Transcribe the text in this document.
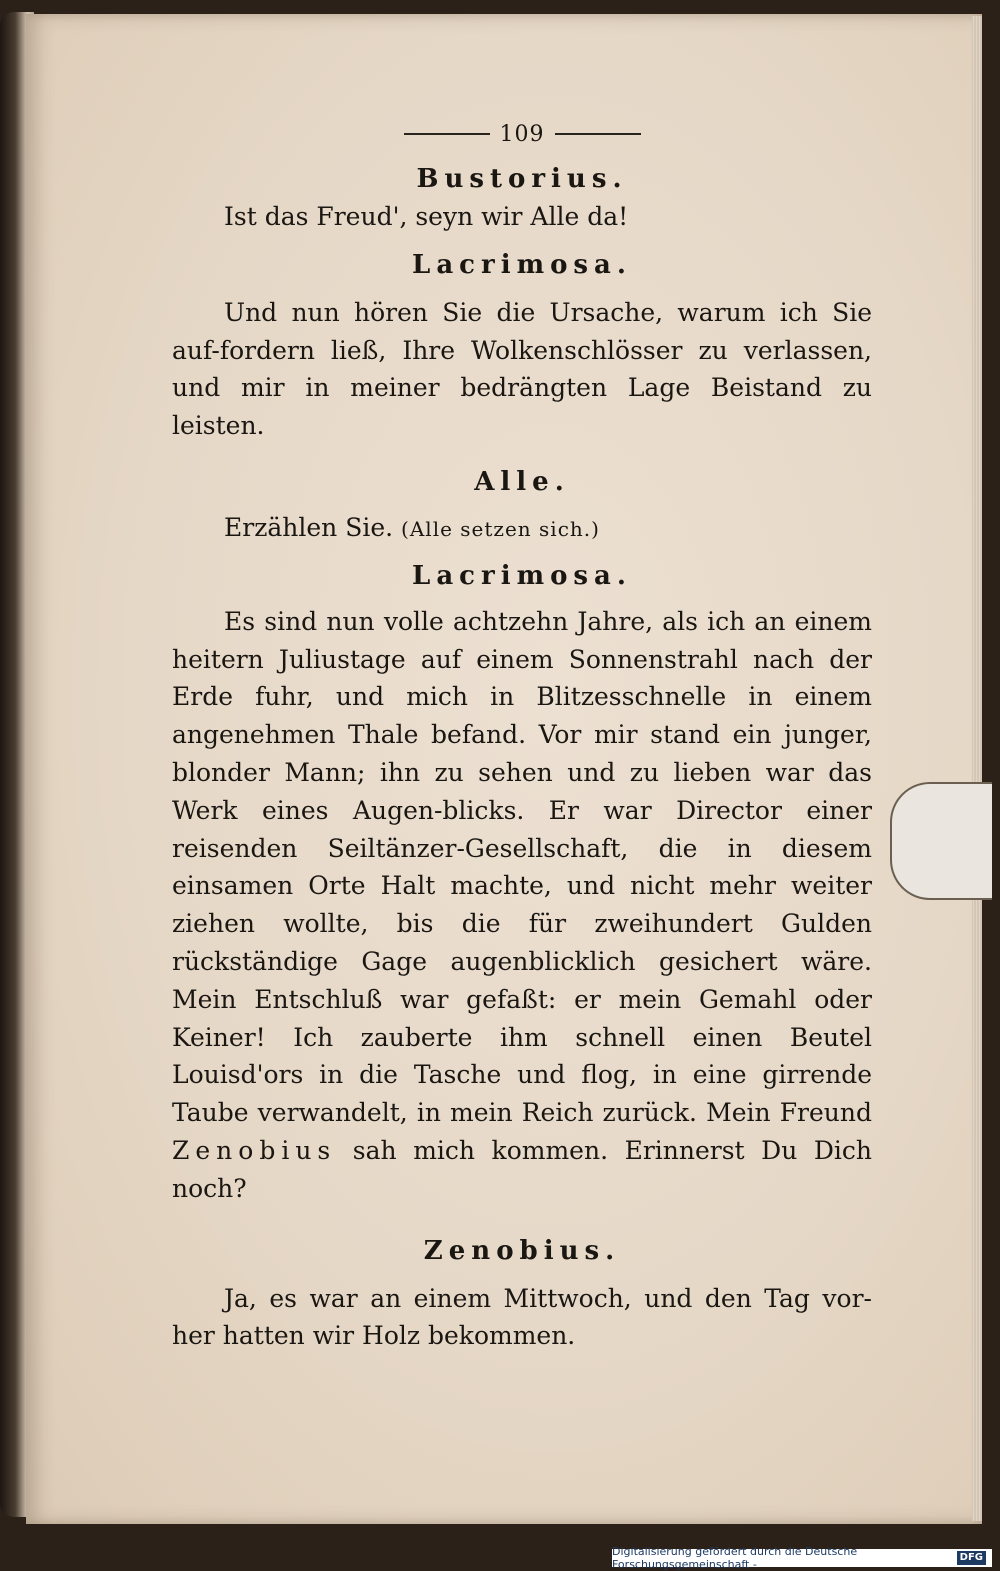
109

Bustorius.

Ist das Freud', seyn wir Alle da!

Lacrimosa.

Und nun hören Sie die Ursache, warum ich Sie auf-fordern ließ, Ihre Wolkenschlösser zu verlassen, und mir in meiner bedrängten Lage Beistand zu leisten.

Alle.

Erzählen Sie. (Alle setzen sich.)

Lacrimosa.

Es sind nun volle achtzehn Jahre, als ich an einem heitern Juliustage auf einem Sonnenstrahl nach der Erde fuhr, und mich in Blitzesschnelle in einem angenehmen Thale befand. Vor mir stand ein junger, blonder Mann; ihn zu sehen und zu lieben war das Werk eines Augen-blicks. Er war Director einer reisenden Seiltänzer-Gesellschaft, die in diesem einsamen Orte Halt machte, und nicht mehr weiter ziehen wollte, bis die für zweihundert Gulden rückständige Gage augenblicklich gesichert wäre. Mein Entschluß war gefaßt: er mein Gemahl oder Keiner! Ich zauberte ihm schnell einen Beutel Louisd'ors in die Tasche und flog, in eine girrende Taube verwandelt, in mein Reich zurück. Mein Freund Zenobius sah mich kommen. Erinnerst Du Dich noch?

Zenobius.

Ja, es war an einem Mittwoch, und den Tag vor-her hatten wir Holz bekommen.

Digitalisierung gefördert durch die Deutsche Forschungsgemeinschaft -
DFG
